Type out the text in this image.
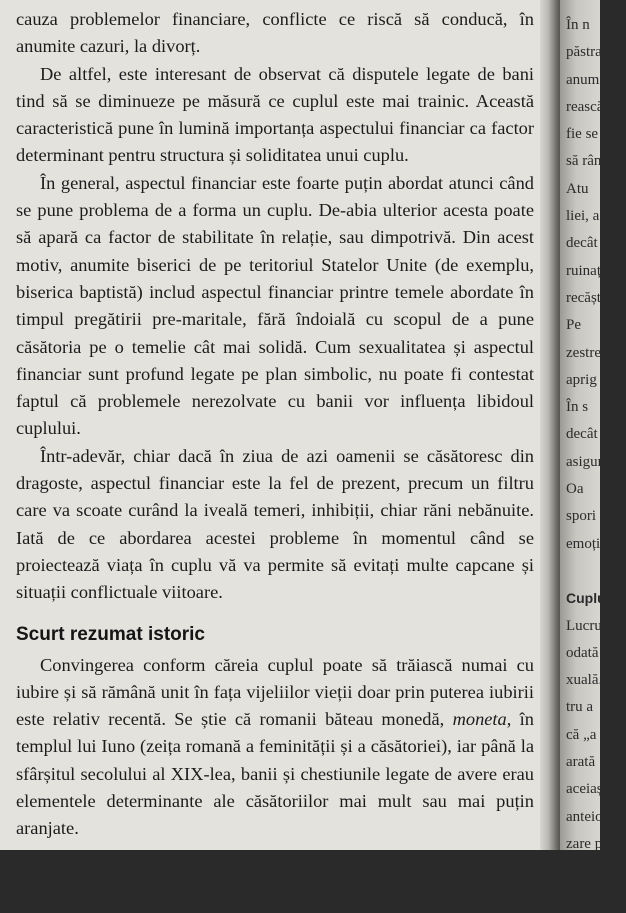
cauza problemelor financiare, conflicte ce riscă să conducă, în anumite cazuri, la divorț.

De altfel, este interesant de observat că disputele legate de bani tind să se diminueze pe măsură ce cuplul este mai trainic. Această caracteristică pune în lumină importanța aspectului financiar ca factor determinant pentru structura și soliditatea unui cuplu.

În general, aspectul financiar este foarte puțin abordat atunci când se pune problema de a forma un cuplu. De-abia ulterior acesta poate să apară ca factor de stabilitate în relație, sau dimpotrivă. Din acest motiv, anumite biserici de pe teritoriul Statelor Unite (de exemplu, biserica baptistă) includ aspectul financiar printre temele abordate în timpul pregătirii pre-maritale, fără îndoială cu scopul de a pune căsătoria pe o temelie cât mai solidă. Cum sexualitatea și aspectul financiar sunt profund legate pe plan simbolic, nu poate fi contestat faptul că problemele nerezolvate cu banii vor influența libidoul cuplului.

Într-adevăr, chiar dacă în ziua de azi oamenii se căsătoresc din dragoste, aspectul financiar este la fel de prezent, precum un filtru care va scoate curând la iveală temeri, inhibiții, chiar răni nebănuite. Iată de ce abordarea acestei probleme în momentul când se proiectează viața în cuplu vă va permite să evitați multe capcane și situații conflictuale viitoare.

Scurt rezumat istoric

Convingerea conform căreia cuplul poate să trăiască numai cu iubire și să rămână unit în fața vijeliilor vieții doar prin puterea iubirii este relativ recentă. Se știe că romanii băteau monedă, moneta, în templul lui Iuno (zeița romană a feminității și a căsătoriei), iar până la sfârșitul secolului al XIX-lea, banii și chestiunile legate de avere erau elementele determinante ale căsătoriilor mai mult sau mai puțin aranjate.

În n
păstra
anumi
rească,
fie se a
să râm
Atu
liei, aș
decât î
ruinaț
recăști
Pe
zestre
aprig
În s
decât
asigur
Oa
spori
emoți
Cuplu
Lucru
odată
xuală.
tru a
că „a
arată
aceiaș
anteio
zare p
regula
să-și
